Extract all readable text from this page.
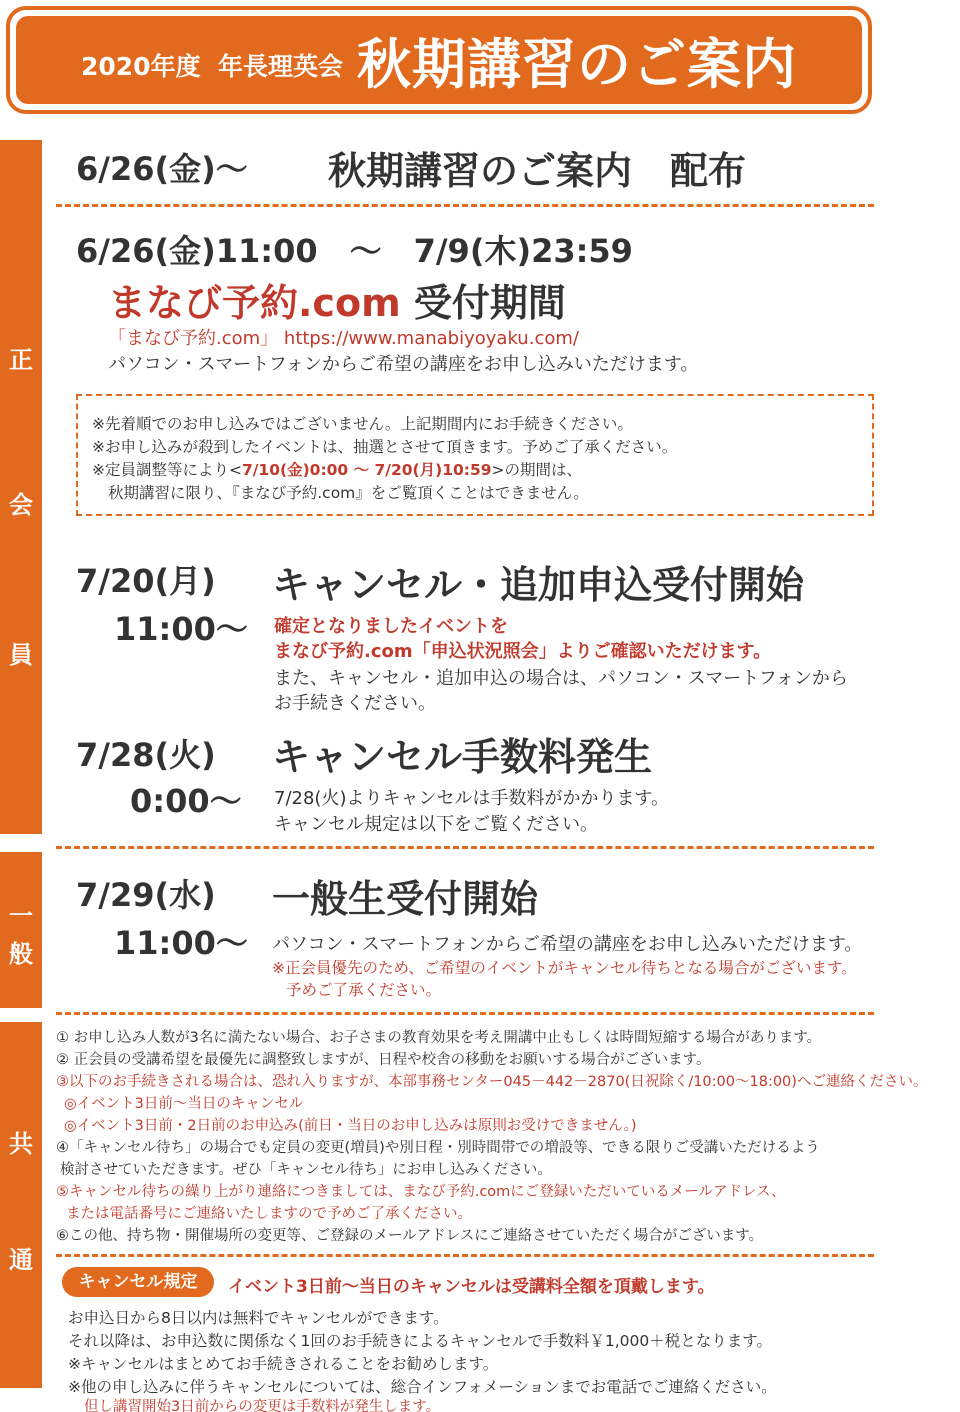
2020年度  年長理英会 秋期講習のご案内
正
会
員
一
般
共
通
6/26(金)～ 秋期講習のご案内　配布
6/26(金)11:00　～　7/9(木)23:59
まなび予約.com 受付期間
「まなび予約.com」 https://www.manabiyoyaku.com/
パソコン・スマートフォンからご希望の講座をお申し込みいただけます。
※先着順でのお申し込みではございません。上記期間内にお手続きください。
※お申し込みが殺到したイベントは、抽選とさせて頂きます。予めご了承ください。
※定員調整等により<7/10(金)0:00 ～ 7/20(月)10:59>の期間は、
秋期講習に限り、『まなび予約.com』をご覧頂くことはできません。
7/20(月)
11:00～
キャンセル・追加申込受付開始
確定となりましたイベントを
まなび予約.com「申込状況照会」よりご確認いただけます。
また、キャンセル・追加申込の場合は、パソコン・スマートフォンから
お手続きください。
7/28(火)
0:00～
キャンセル手数料発生
7/28(火)よりキャンセルは手数料がかかります。
キャンセル規定は以下をご覧ください。
7/29(水)
11:00～
一般生受付開始
パソコン・スマートフォンからご希望の講座をお申し込みいただけます。
※正会員優先のため、ご希望のイベントがキャンセル待ちとなる場合がございます。
予めご了承ください。
① お申し込み人数が3名に満たない場合、お子さまの教育効果を考え開講中止もしくは時間短縮する場合があります。
② 正会員の受講希望を最優先に調整致しますが、日程や校舎の移動をお願いする場合がございます。
③以下のお手続きされる場合は、恐れ入りますが、本部事務センター045－442－2870(日祝除く/10:00～18:00)へご連絡ください。
◎イベント3日前～当日のキャンセル
◎イベント3日前・2日前のお申込み(前日・当日のお申し込みは原則お受けできません。)
④「キャンセル待ち」の場合でも定員の変更(増員)や別日程・別時間帯での増設等、できる限りご受講いただけるよう
検討させていただきます。ぜひ「キャンセル待ち」にお申し込みください。
⑤キャンセル待ちの繰り上がり連絡につきましては、まなび予約.comにご登録いただいているメールアドレス、
または電話番号にご連絡いたしますので予めご了承ください。
⑥この他、持ち物・開催場所の変更等、ご登録のメールアドレスにご連絡させていただく場合がございます。
キャンセル規定	イベント3日前～当日のキャンセルは受講料全額を頂戴します。
お申込日から8日以内は無料でキャンセルができます。
それ以降は、お申込数に関係なく1回のお手続きによるキャンセルで手数料￥1,000＋税となります。
※キャンセルはまとめてお手続きされることをお勧めします。
※他の申し込みに伴うキャンセルについては、総合インフォメーションまでお電話でご連絡ください。
但し講習開始3日前からの変更は手数料が発生します。
